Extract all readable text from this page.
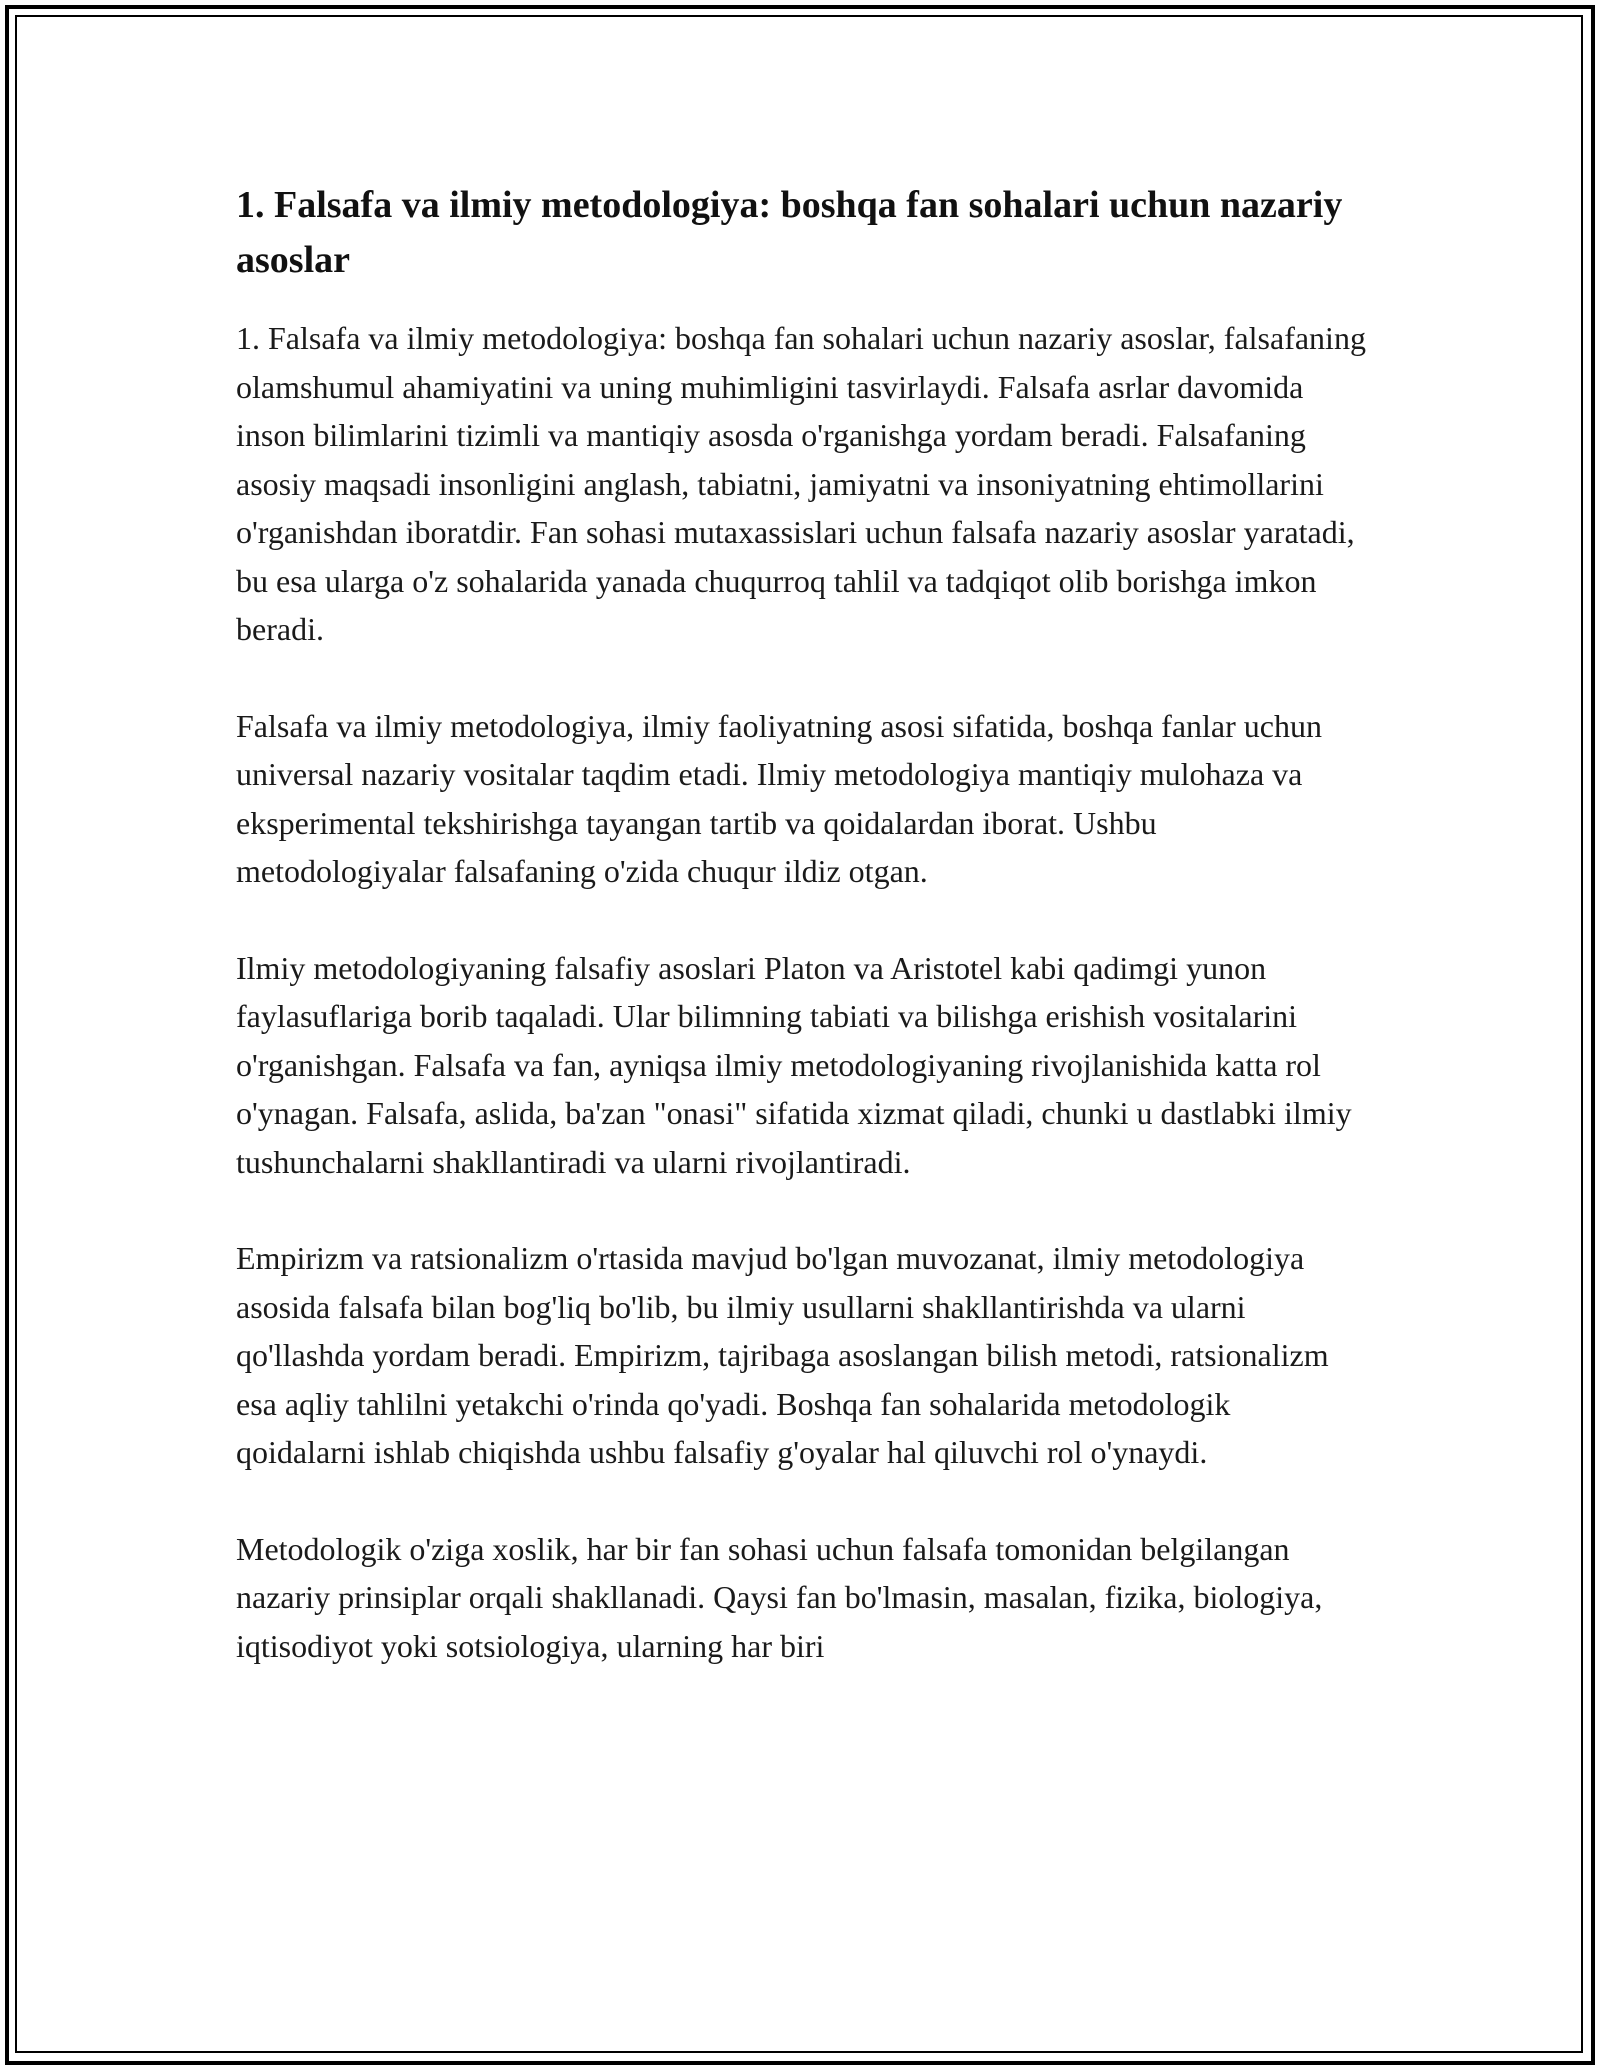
1. Falsafa va ilmiy metodologiya: boshqa fan sohalari uchun nazariy asoslar

1. Falsafa va ilmiy metodologiya: boshqa fan sohalari uchun nazariy asoslar, falsafaning olamshumul ahamiyatini va uning muhimligini tasvirlaydi. Falsafa asrlar davomida inson bilimlarini tizimli va mantiqiy asosda o'rganishga yordam beradi. Falsafaning asosiy maqsadi insonligini anglash, tabiatni, jamiyatni va insoniyatning ehtimollarini o'rganishdan iboratdir. Fan sohasi mutaxassislari uchun falsafa nazariy asoslar yaratadi, bu esa ularga o'z sohalarida yanada chuqurroq tahlil va tadqiqot olib borishga imkon beradi.

Falsafa va ilmiy metodologiya, ilmiy faoliyatning asosi sifatida, boshqa fanlar uchun universal nazariy vositalar taqdim etadi. Ilmiy metodologiya mantiqiy mulohaza va eksperimental tekshirishga tayangan tartib va qoidalardan iborat. Ushbu metodologiyalar falsafaning o'zida chuqur ildiz otgan.

Ilmiy metodologiyaning falsafiy asoslari Platon va Aristotel kabi qadimgi yunon faylasuflariga borib taqaladi. Ular bilimning tabiati va bilishga erishish vositalarini o'rganishgan. Falsafa va fan, ayniqsa ilmiy metodologiyaning rivojlanishida katta rol o'ynagan. Falsafa, aslida, ba'zan "onasi" sifatida xizmat qiladi, chunki u dastlabki ilmiy tushunchalarni shakllantiradi va ularni rivojlantiradi.

Empirizm va ratsionalizm o'rtasida mavjud bo'lgan muvozanat, ilmiy metodologiya asosida falsafa bilan bog'liq bo'lib, bu ilmiy usullarni shakllantirishda va ularni qo'llashda yordam beradi. Empirizm, tajribaga asoslangan bilish metodi, ratsionalizm esa aqliy tahlilni yetakchi o'rinda qo'yadi. Boshqa fan sohalarida metodologik qoidalarni ishlab chiqishda ushbu falsafiy g'oyalar hal qiluvchi rol o'ynaydi.

Metodologik o'ziga xoslik, har bir fan sohasi uchun falsafa tomonidan belgilangan nazariy prinsiplar orqali shakllanadi. Qaysi fan bo'lmasin, masalan, fizika, biologiya, iqtisodiyot yoki sotsiologiya, ularning har biri
